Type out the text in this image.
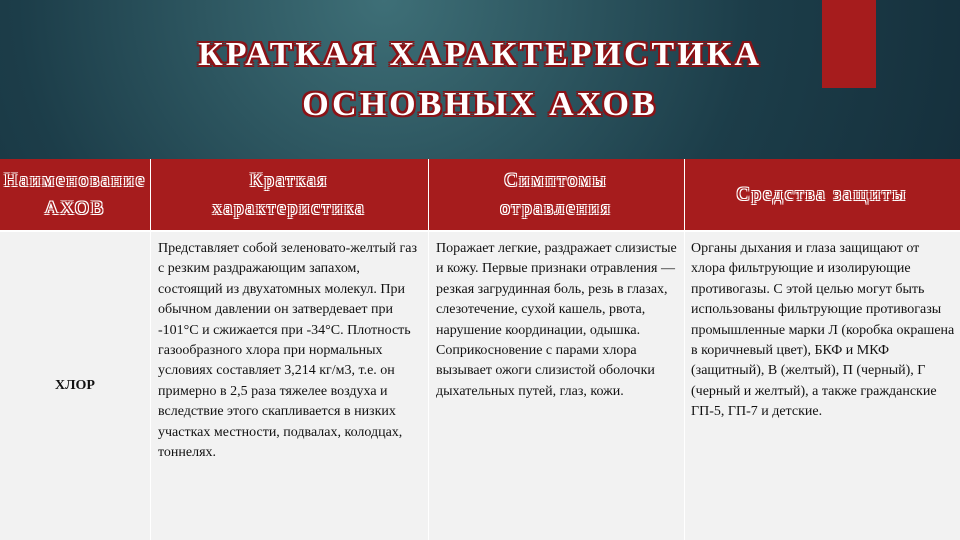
КРАТКАЯ ХАРАКТЕРИСТИКА
ОСНОВНЫХ АХОВ
Наименование АХОВ
Краткая характеристика
Симптомы отравления
Средства защиты
ХЛОР
Представляет собой зеленовато-желтый газ с резким раздражающим запахом, состоящий из двухатомных молекул. При обычном давлении он затвердевает при -101°С и сжижается при -34°С. Плотность газообразного хлора при нормальных условиях составляет 3,214 кг/м3, т.е. он примерно в 2,5 раза тяжелее воздуха и вследствие этого скапливается в низких участках местности, подвалах, колодцах, тоннелях.
Поражает легкие, раздражает слизистые и кожу. Первые признаки отравления — резкая загрудинная боль, резь в глазах, слезотечение, сухой кашель, рвота, нарушение координации, одышка. Соприкосновение с парами хлора вызывает ожоги слизистой оболочки дыхательных путей, глаз, кожи.
Органы дыхания и глаза защищают от хлора фильтрующие и изолирующие противогазы. С этой целью могут быть использованы фильтрующие противогазы промышленные марки Л (коробка окрашена в коричневый цвет), БКФ и МКФ (защитный), В (желтый), П (черный), Г (черный и желтый), а также гражданские ГП-5, ГП-7 и детские.
